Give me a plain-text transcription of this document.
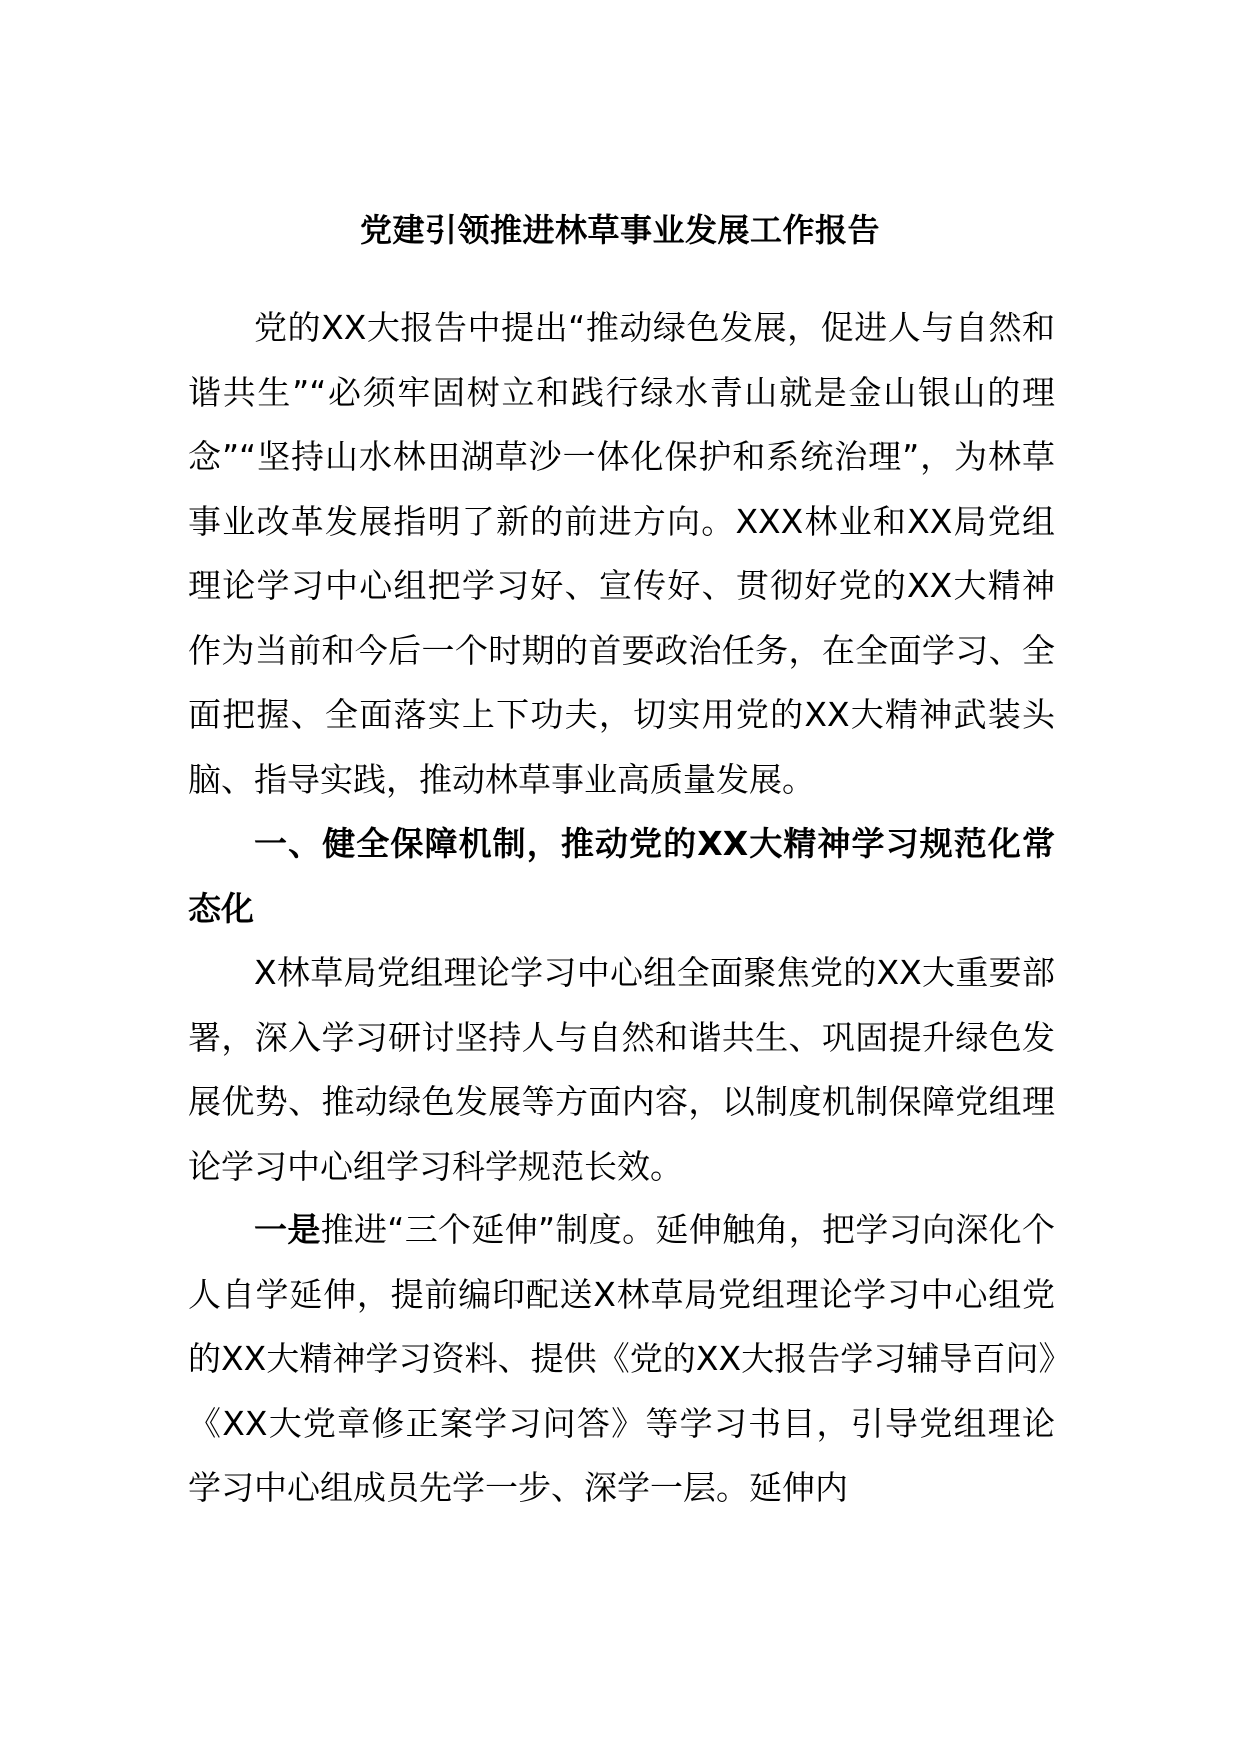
党建引领推进林草事业发展工作报告

党的XX大报告中提出“推动绿色发展，促进人与自然和谐共生”“必须牢固树立和践行绿水青山就是金山银山的理念”“坚持山水林田湖草沙一体化保护和系统治理”，为林草事业改革发展指明了新的前进方向。XXX林业和XX局党组理论学习中心组把学习好、宣传好、贯彻好党的XX大精神作为当前和今后一个时期的首要政治任务，在全面学习、全面把握、全面落实上下功夫，切实用党的XX大精神武装头脑、指导实践，推动林草事业高质量发展。

一、健全保障机制，推动党的XX大精神学习规范化常态化

X林草局党组理论学习中心组全面聚焦党的XX大重要部署，深入学习研讨坚持人与自然和谐共生、巩固提升绿色发展优势、推动绿色发展等方面内容，以制度机制保障党组理论学习中心组学习科学规范长效。

一是推进“三个延伸”制度。延伸触角，把学习向深化个人自学延伸，提前编印配送X林草局党组理论学习中心组党的XX大精神学习资料、提供《党的XX大报告学习辅导百问》《XX大党章修正案学习问答》等学习书目，引导党组理论学习中心组成员先学一步、深学一层。延伸内
